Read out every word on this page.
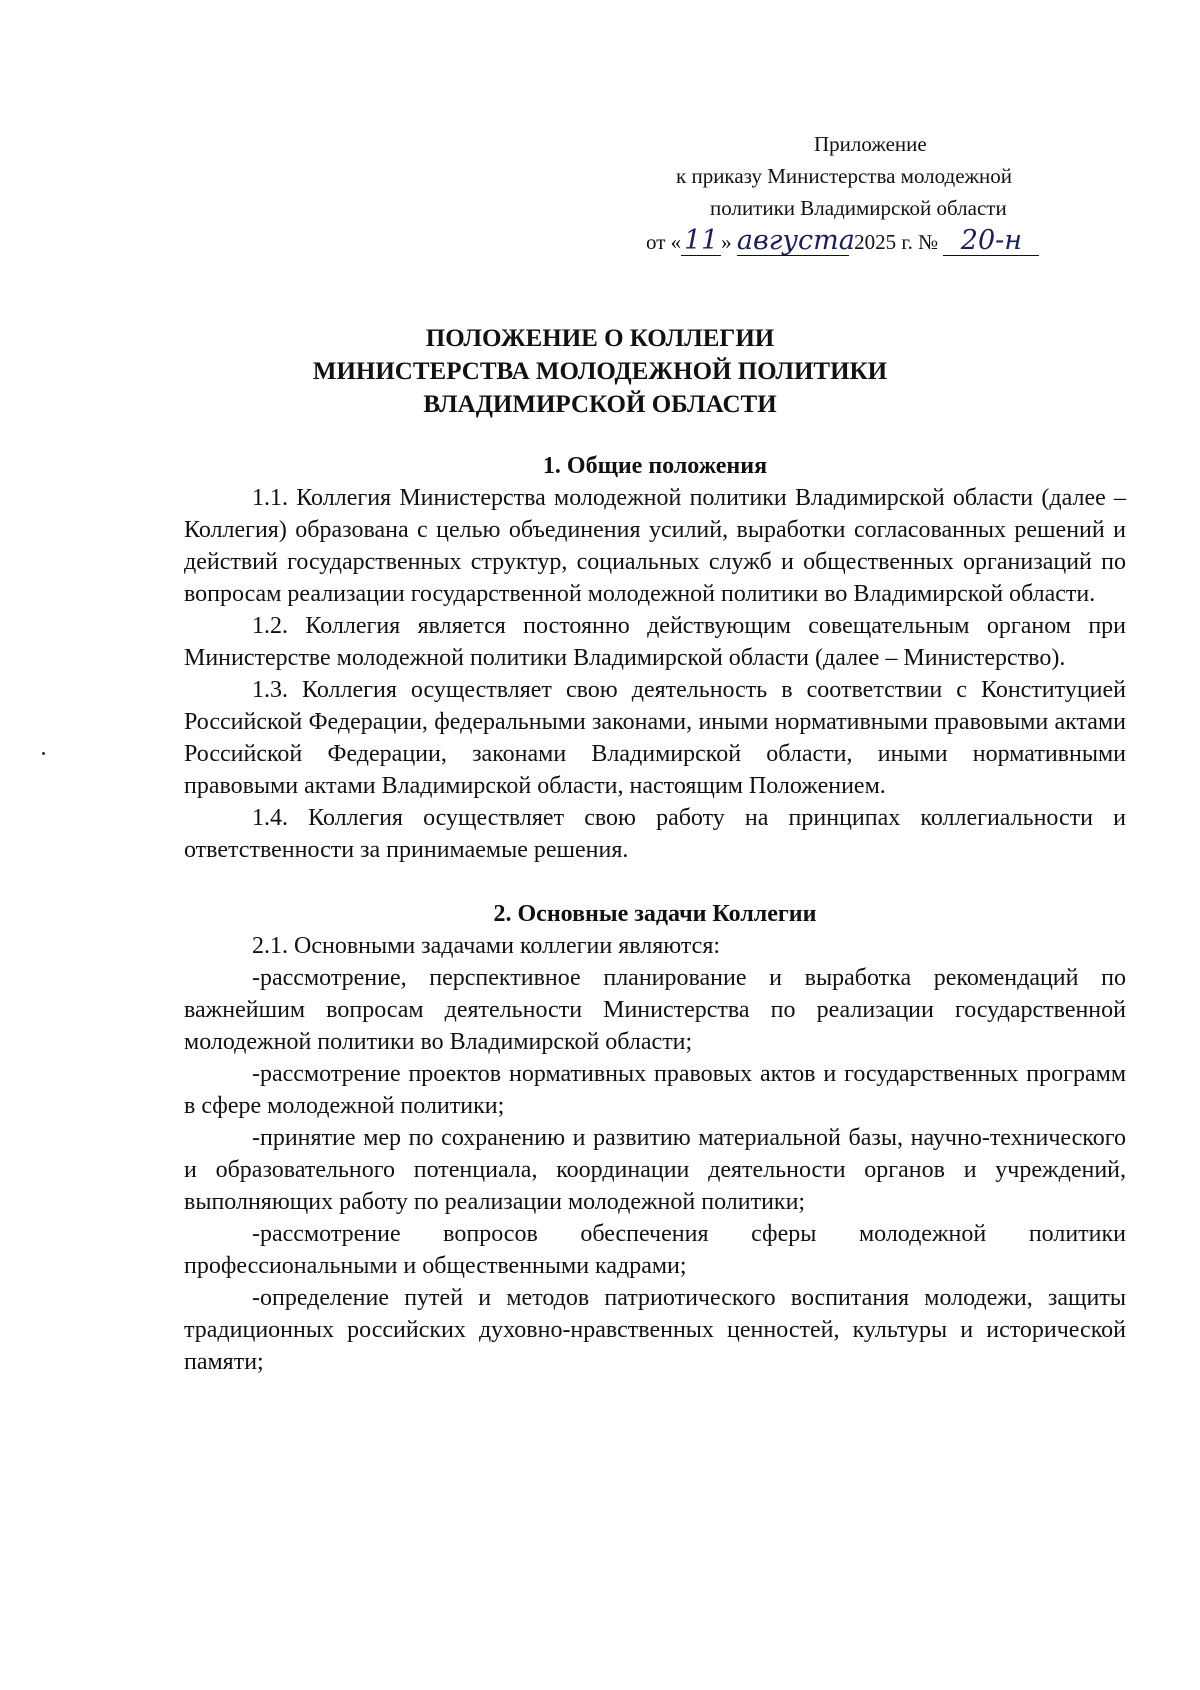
Приложение
к приказу Министерства молодежной
политики Владимирской области
от « 11 » августа 2025 г. № 20-н
ПОЛОЖЕНИЕ О КОЛЛЕГИИ
МИНИСТЕРСТВА МОЛОДЕЖНОЙ ПОЛИТИКИ
ВЛАДИМИРСКОЙ ОБЛАСТИ

1. Общие положения

1.1. Коллегия Министерства молодежной политики Владимирской области (далее – Коллегия) образована с целью объединения усилий, выработки согласованных решений и действий государственных структур, социальных служб и общественных организаций по вопросам реализации государственной молодежной политики во Владимирской области.

1.2. Коллегия является постоянно действующим совещательным органом при Министерстве молодежной политики Владимирской области (далее – Министерство).

1.3. Коллегия осуществляет свою деятельность в соответствии с Конституцией Российской Федерации, федеральными законами, иными нормативными правовыми актами Российской Федерации, законами Владимирской области, иными нормативными правовыми актами Владимирской области, настоящим Положением.

1.4. Коллегия осуществляет свою работу на принципах коллегиальности и ответственности за принимаемые решения.

2. Основные задачи Коллегии

2.1. Основными задачами коллегии являются:

-рассмотрение, перспективное планирование и выработка рекомендаций по важнейшим вопросам деятельности Министерства по реализации государственной молодежной политики во Владимирской области;

-рассмотрение проектов нормативных правовых актов и государственных программ в сфере молодежной политики;

-принятие мер по сохранению и развитию материальной базы, научно-технического и образовательного потенциала, координации деятельности органов и учреждений, выполняющих работу по реализации молодежной политики;

-рассмотрение вопросов обеспечения сферы молодежной политики профессиональными и общественными кадрами;

-определение путей и методов патриотического воспитания молодежи, защиты традиционных российских духовно-нравственных ценностей, культуры и исторической памяти;
